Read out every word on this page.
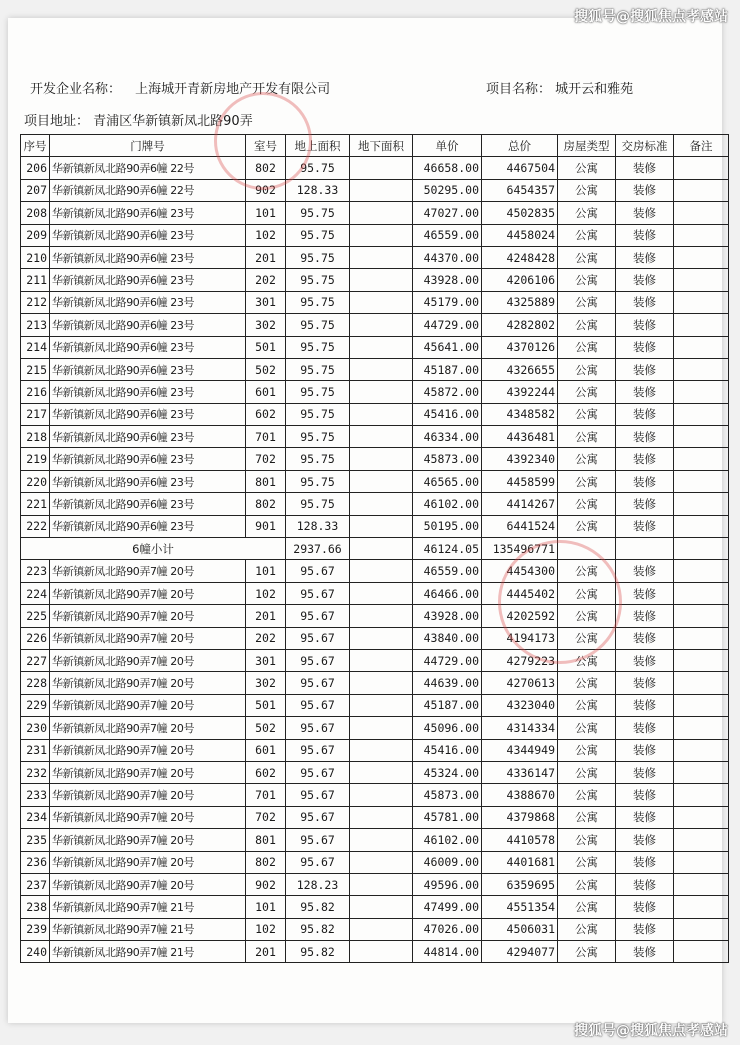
搜狐号@搜狐焦点孝感站
开发企业名称： 上海城开青新房地产开发有限公司	项目名称： 城开云和雅苑
项目地址： 青浦区华新镇新凤北路90弄
序号	门牌号	室号	地上面积	地下面积	单价	总价	房屋类型	交房标准	备注
206	华新镇新凤北路90弄6幢 22号	802	95.75		46658.00	4467504	公寓	装修	
207	华新镇新凤北路90弄6幢 22号	902	128.33		50295.00	6454357	公寓	装修	
208	华新镇新凤北路90弄6幢 23号	101	95.75		47027.00	4502835	公寓	装修	
209	华新镇新凤北路90弄6幢 23号	102	95.75		46559.00	4458024	公寓	装修	
210	华新镇新凤北路90弄6幢 23号	201	95.75		44370.00	4248428	公寓	装修	
211	华新镇新凤北路90弄6幢 23号	202	95.75		43928.00	4206106	公寓	装修	
212	华新镇新凤北路90弄6幢 23号	301	95.75		45179.00	4325889	公寓	装修	
213	华新镇新凤北路90弄6幢 23号	302	95.75		44729.00	4282802	公寓	装修	
214	华新镇新凤北路90弄6幢 23号	501	95.75		45641.00	4370126	公寓	装修	
215	华新镇新凤北路90弄6幢 23号	502	95.75		45187.00	4326655	公寓	装修	
216	华新镇新凤北路90弄6幢 23号	601	95.75		45872.00	4392244	公寓	装修	
217	华新镇新凤北路90弄6幢 23号	602	95.75		45416.00	4348582	公寓	装修	
218	华新镇新凤北路90弄6幢 23号	701	95.75		46334.00	4436481	公寓	装修	
219	华新镇新凤北路90弄6幢 23号	702	95.75		45873.00	4392340	公寓	装修	
220	华新镇新凤北路90弄6幢 23号	801	95.75		46565.00	4458599	公寓	装修	
221	华新镇新凤北路90弄6幢 23号	802	95.75		46102.00	4414267	公寓	装修	
222	华新镇新凤北路90弄6幢 23号	901	128.33		50195.00	6441524	公寓	装修	
6幢小计			2937.66		46124.05	135496771			
223	华新镇新凤北路90弄7幢 20号	101	95.67		46559.00	4454300	公寓	装修	
224	华新镇新凤北路90弄7幢 20号	102	95.67		46466.00	4445402	公寓	装修	
225	华新镇新凤北路90弄7幢 20号	201	95.67		43928.00	4202592	公寓	装修	
226	华新镇新凤北路90弄7幢 20号	202	95.67		43840.00	4194173	公寓	装修	
227	华新镇新凤北路90弄7幢 20号	301	95.67		44729.00	4279223	公寓	装修	
228	华新镇新凤北路90弄7幢 20号	302	95.67		44639.00	4270613	公寓	装修	
229	华新镇新凤北路90弄7幢 20号	501	95.67		45187.00	4323040	公寓	装修	
230	华新镇新凤北路90弄7幢 20号	502	95.67		45096.00	4314334	公寓	装修	
231	华新镇新凤北路90弄7幢 20号	601	95.67		45416.00	4344949	公寓	装修	
232	华新镇新凤北路90弄7幢 20号	602	95.67		45324.00	4336147	公寓	装修	
233	华新镇新凤北路90弄7幢 20号	701	95.67		45873.00	4388670	公寓	装修	
234	华新镇新凤北路90弄7幢 20号	702	95.67		45781.00	4379868	公寓	装修	
235	华新镇新凤北路90弄7幢 20号	801	95.67		46102.00	4410578	公寓	装修	
236	华新镇新凤北路90弄7幢 20号	802	95.67		46009.00	4401681	公寓	装修	
237	华新镇新凤北路90弄7幢 20号	902	128.23		49596.00	6359695	公寓	装修	
238	华新镇新凤北路90弄7幢 21号	101	95.82		47499.00	4551354	公寓	装修	
239	华新镇新凤北路90弄7幢 21号	102	95.82		47026.00	4506031	公寓	装修	
240	华新镇新凤北路90弄7幢 21号	201	95.82		44814.00	4294077	公寓	装修	
搜狐号@搜狐焦点孝感站
